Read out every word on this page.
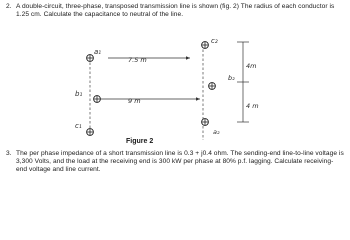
2. A double-circuit, three-phase, transposed transmission line is shown (fig. 2) The radius of each conductor is 1.25 cm. Calculate the capacitance to neutral of the line.
a₁
b₁
c₁
c₂
b₂
a₂
7.5 m
9 m
4m
4 m
Figure 2
3. The per phase impedance of a short transmission line is 0.3 + j0.4 ohm. The sending-end line-to-line voltage is 3,300 Volts, and the load at the receiving end is 300 kW per phase at 80% p.f. lagging. Calculate receiving-end voltage and line current.
